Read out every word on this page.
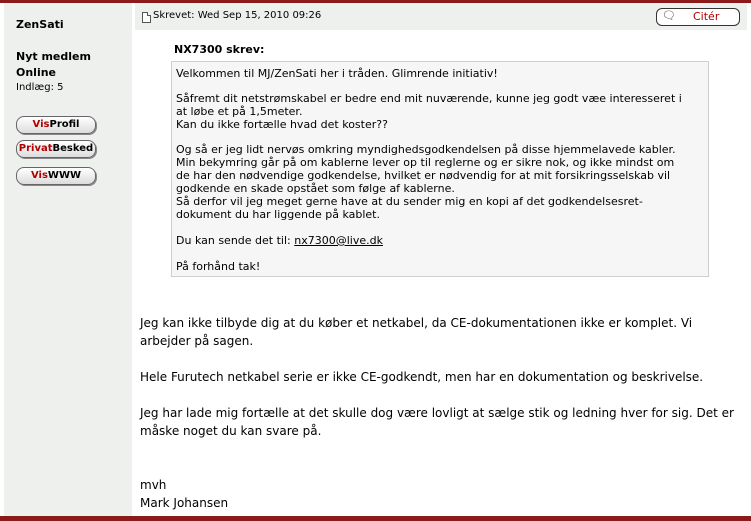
ZenSati
Nyt medlem
Online
Indlæg: 5
VisProfil
PrivatBesked
VisWWW
Skrevet: Wed Sep 15, 2010 09:26	🗨 Citér
NX7300 skrev:
Velkommen til MJ/ZenSati her i tråden. Glimrende initiativ!
Såfremt dit netstrømskabel er bedre end mit nuværende, kunne jeg godt væe interesseret i
at løbe et på 1,5meter.
Kan du ikke fortælle hvad det koster??
Og så er jeg lidt nervøs omkring myndighedsgodkendelsen på disse hjemmelavede kabler.
Min bekymring går på om kablerne lever op til reglerne og er sikre nok, og ikke mindst om
de har den nødvendige godkendelse, hvilket er nødvendig for at mit forsikringsselskab vil
godkende en skade opstået som følge af kablerne.
Så derfor vil jeg meget gerne have at du sender mig en kopi af det godkendelsesret-
dokument du har liggende på kablet.
Du kan sende det til: nx7300@live.dk
På forhånd tak!
Jeg kan ikke tilbyde dig at du køber et netkabel, da CE-dokumentationen ikke er komplet. Vi
arbejder på sagen.
Hele Furutech netkabel serie er ikke CE-godkendt, men har en dokumentation og beskrivelse.
Jeg har lade mig fortælle at det skulle dog være lovligt at sælge stik og ledning hver for sig. Det er
måske noget du kan svare på.
mvh
Mark Johansen
